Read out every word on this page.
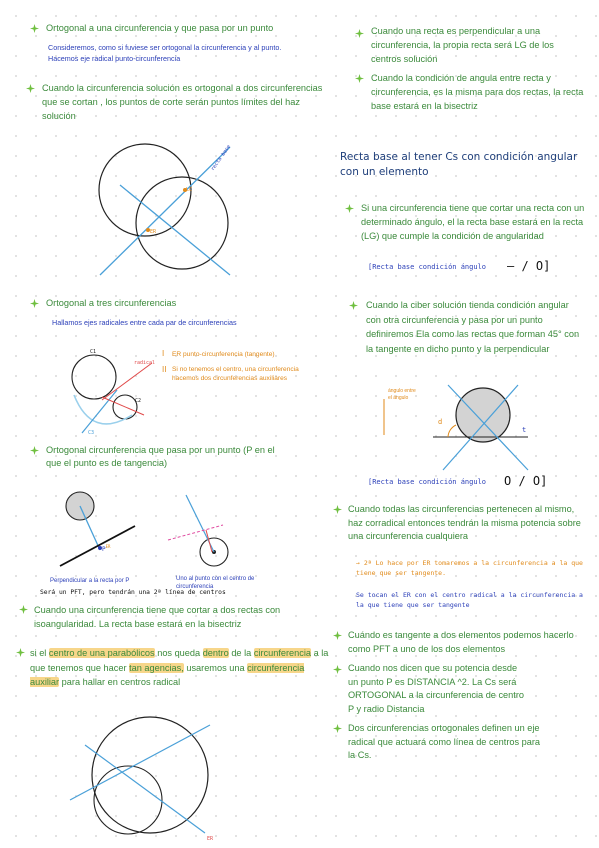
Ortogonal a una circunferencia y que pasa por un punto
Consideremos, como si fuviese ser ortogonal la circunferencia y al punto. Hacemos eje radical punto-circunferencia
Cuando la circunferencia solución es ortogonal a dos circunferencias que se cortan , los puntos de corte serán puntos límites del haz solución
LC
ER
recta base
Ortogonal a tres circunferencias
Hallamos ejes radicales entre cada par de circunferencias
C1
C2
C3
radical
I ER punto-circunferencia (tangente)
II Si no tenemos el centro, una circunferencia hacemos dos circunferencias auxiliares
Ortogonal circunferencia que pasa por un punto (P en el que el punto es de tangencia)
$P^{ER}$
Perpendicular a la recta por P	Uno al punto con el centro de circunferencia
Será un PFT, pero tendrán una 2ª línea de centros
Cuando una circunferencia tiene que cortar a dos rectas con isoangularidad. La recta base estará en la bisectriz
si el centro de una parabólicos nos queda dentro de la circunferencia a la que tenemos que hacer tan agencias, usaremos una circunferencia auxiliar para hallar en centros radical
ER
Cuando una recta es perpendicular a una circunferencia, la propia recta será LG de los centros solución
Cuando la condición de angula entre recta y circunferencia, es la misma para dos rectas, la recta base estará en la bisectriz
Recta base al tener Cs con condición angular con un elemento
Si una circunferencia tiene que cortar una recta con un determinado ángulo, el la recta base estará en la recta (LG) que cumple la condición de angularidad
[Recta base condición ángulo — / O]
Cuando la ciber solución tienda condición angular con otra circunferencia y pasa por un punto definiremos Ela como las rectas que forman 45° con la tangente en dicho punto y la perpendicular
ángulo entre el ángulo
d
t
[Recta base condición ángulo O / O]
Cuando todas las circunferencias pertenecen al mismo, haz corradical entonces tendrán la misma potencia sobre una circunferencia cualquiera
→ 2ª Lo hace por ER tomaremos a la circunferencia a la que tiene que ser tangente.
Se tocan el ER con el centro radical a la circunferencia a la que tiene que ser tangente
Cuándo es tangente a dos elementos podemos hacerlo como PFT a uno de los dos elementos
Cuando nos dicen que su potencia desde un punto P es DISTANCIA ^2. La Cs será ORTOGONAL a la circunferencia de centro P y radio Distancia
Dos circunferencias ortogonales definen un eje radical que actuará como línea de centros para la Cs.
